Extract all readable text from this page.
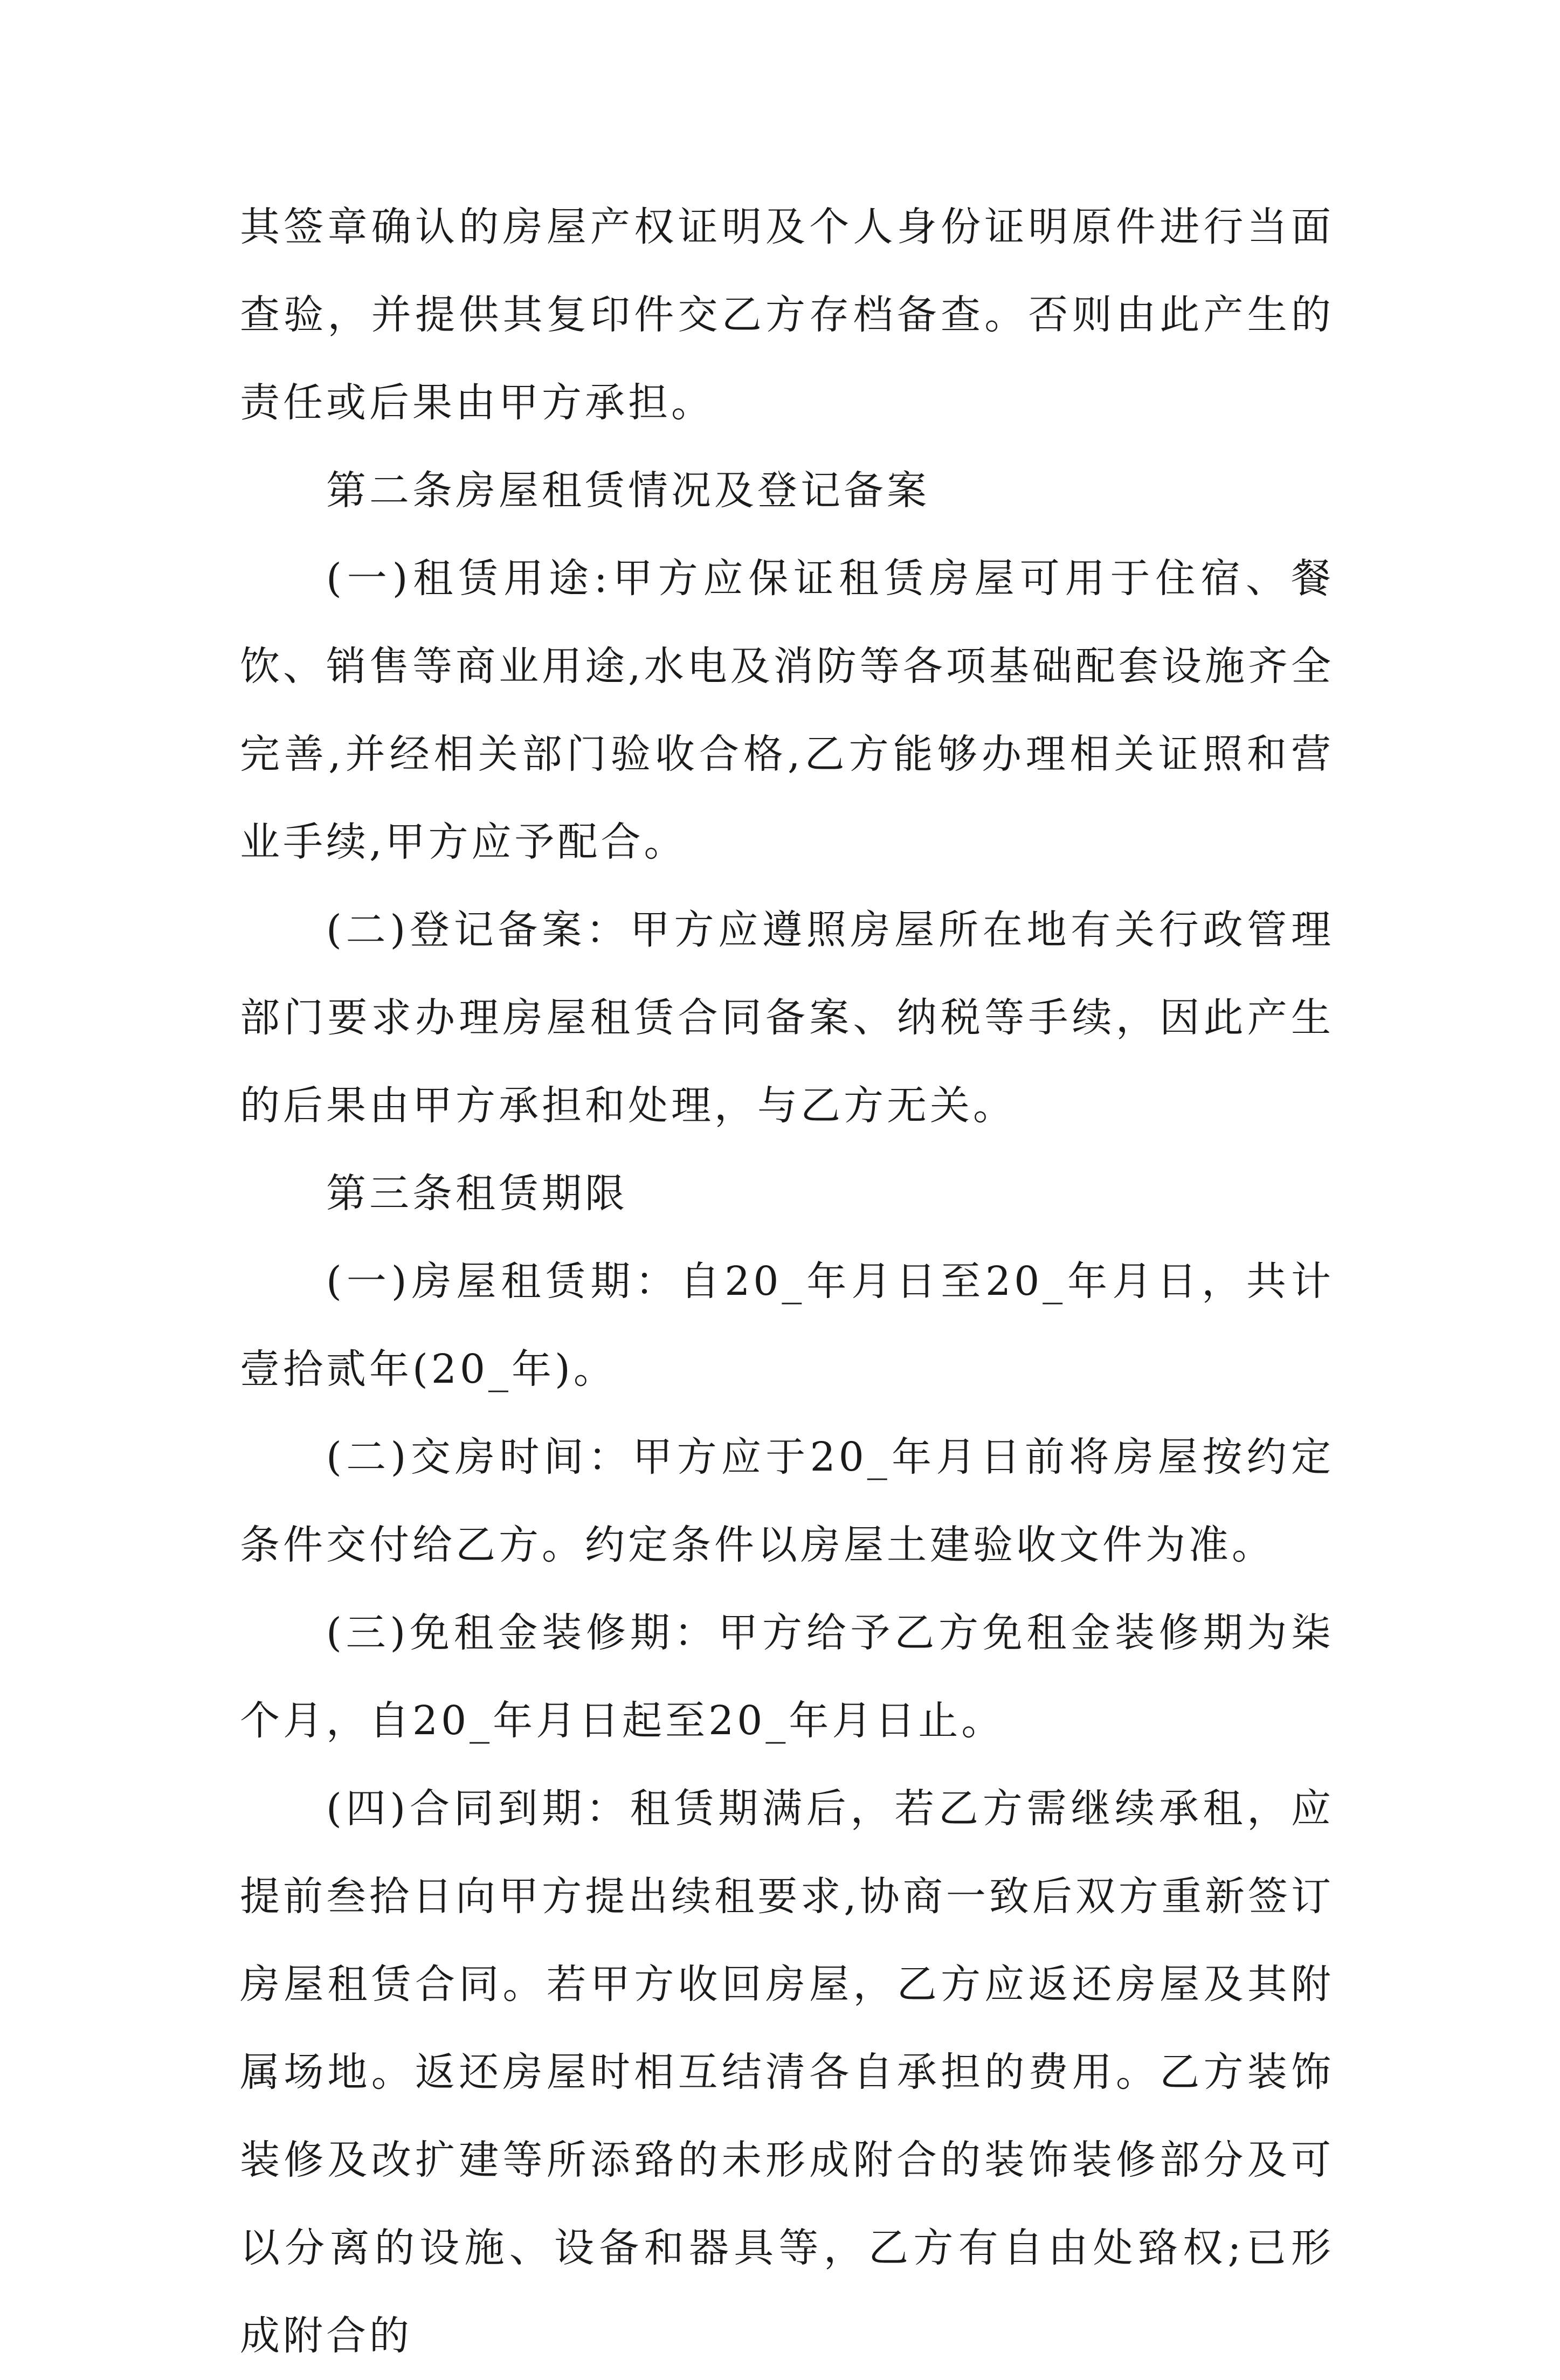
其签章确认的房屋产权证明及个人身份证明原件进行当面查验，并提供其复印件交乙方存档备查。否则由此产生的责任或后果由甲方承担。

第二条房屋租赁情况及登记备案

(一)租赁用途:甲方应保证租赁房屋可用于住宿、餐饮、销售等商业用途,水电及消防等各项基础配套设施齐全完善,并经相关部门验收合格,乙方能够办理相关证照和营业手续,甲方应予配合。

(二)登记备案：甲方应遵照房屋所在地有关行政管理部门要求办理房屋租赁合同备案、纳税等手续，因此产生的后果由甲方承担和处理，与乙方无关。

第三条租赁期限

(一)房屋租赁期：自20_年月日至20_年月日，共计壹拾贰年(20_年)。

(二)交房时间：甲方应于20_年月日前将房屋按约定条件交付给乙方。约定条件以房屋土建验收文件为准。

(三)免租金装修期：甲方给予乙方免租金装修期为柒个月，自20_年月日起至20_年月日止。

(四)合同到期：租赁期满后，若乙方需继续承租，应提前叁拾日向甲方提出续租要求,协商一致后双方重新签订房屋租赁合同。若甲方收回房屋，乙方应返还房屋及其附属场地。返还房屋时相互结清各自承担的费用。乙方装饰装修及改扩建等所添臵的未形成附合的装饰装修部分及可以分离的设施、设备和器具等，乙方有自由处臵权;已形成附合的
